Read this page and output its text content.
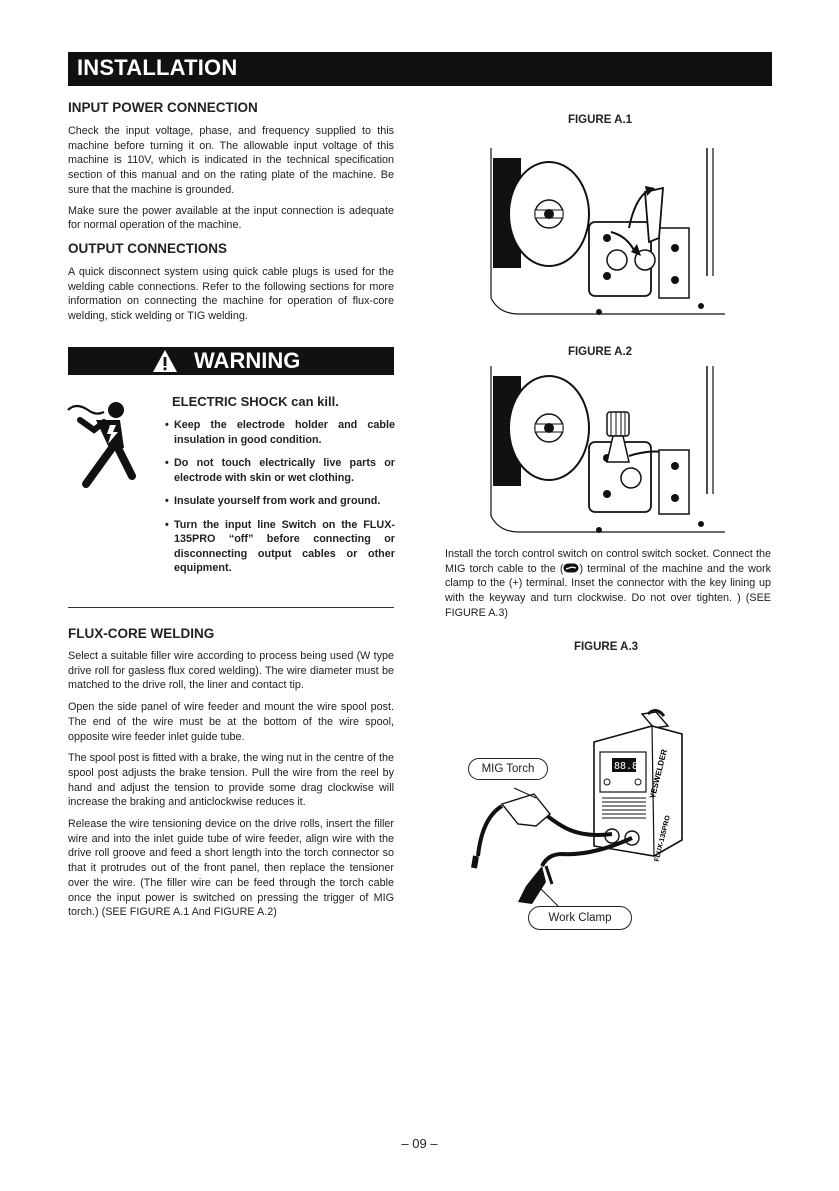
INSTALLATION
INPUT POWER CONNECTION

Check the input voltage, phase, and frequency supplied to this machine before turning it on. The allowable input voltage of this machine is 110V, which is indicated in the technical specification section of this manual and on the rating plate of the machine. Be sure that the machine is grounded.

Make sure the power available at the input connection is adequate for normal operation of the machine.

OUTPUT CONNECTIONS

A quick disconnect system using quick cable plugs is used for the welding cable connections. Refer to the following sections for more information on connecting the machine for operation of flux-core welding, stick welding or TIG welding.

WARNING
ELECTRIC SHOCK can kill.
• Keep the electrode holder and cable insulation in good condition.
• Do not touch electrically live parts or electrode with skin or wet clothing.
• Insulate yourself from work and ground.
• Turn the input line Switch on the FLUX-135PRO “off” before connecting or disconnecting output cables or other equipment.
FLUX-CORE WELDING

Select a suitable filler wire according to process being used (W type drive roll for gasless flux cored welding). The wire diameter must be matched to the drive roll, the liner and contact tip.

Open the side panel of wire feeder and mount the wire spool post. The end of the wire must be at the bottom of the wire spool, opposite wire feeder inlet guide tube.

The spool post is fitted with a brake, the wing nut in the centre of the spool post adjusts the brake tension. Pull the wire from the reel by hand and adjust the tension to provide some drag clockwise will increase the braking and anticlockwise reduces it.

Release the wire tensioning device on the drive rolls, insert the filler wire and into the inlet guide tube of wire feeder, align wire with the drive roll groove and feed a short length into the torch connector so that it protrudes out of the front panel, then replace the tensioner over the wire. (The filler wire can be feed through the torch cable once the input power is switched on pressing the trigger of MIG torch.) (SEE FIGURE A.1 And FIGURE A.2)

FIGURE A.1
FIGURE A.2

Install the torch control switch on control switch socket. Connect the MIG torch cable to the ( ) terminal of the machine and the work clamp to the (+) terminal. Inset the connector with the key lining up with the keyway and turn clockwise. Do not over tighten. ) (SEE FIGURE A.3)

FIGURE A.3
88.8 YESWELDER
FLUX-135PRO
MIG Torch
Work Clamp
– 09 –
